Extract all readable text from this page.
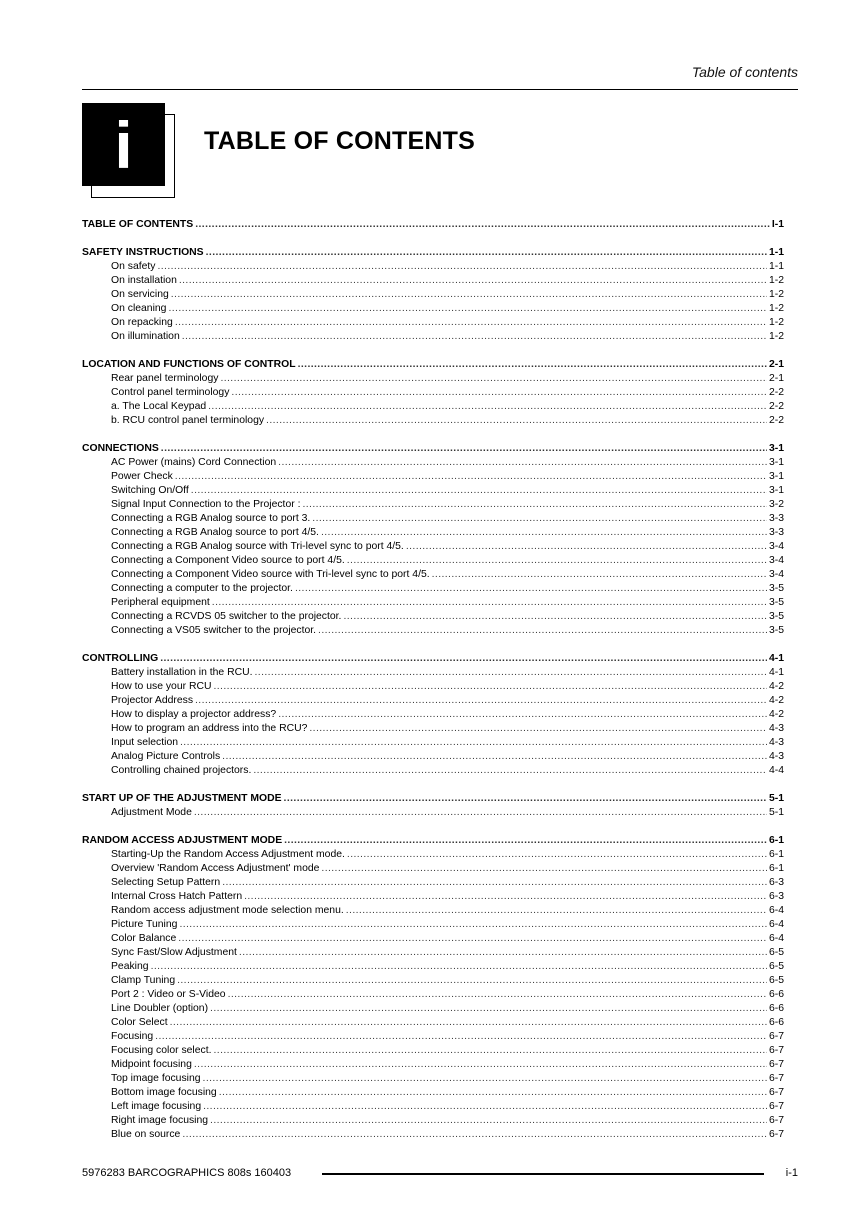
Table of contents
i	TABLE OF CONTENTS
TABLE OF CONTENTS .....	I-1
SAFETY INSTRUCTIONS .....	1-1
On safety .....	1-1
On installation .....	1-2
On servicing .....	1-2
On cleaning .....	1-2
On repacking .....	1-2
On illumination .....	1-2
LOCATION AND FUNCTIONS OF CONTROL .....	2-1
Rear panel terminology .....	2-1
Control panel terminology .....	2-2
a. The Local Keypad .....	2-2
b. RCU control panel terminology .....	2-2
CONNECTIONS .....	3-1
AC Power (mains) Cord Connection .....	3-1
Power Check .....	3-1
Switching On/Off .....	3-1
Signal Input Connection to the Projector : .....	3-2
Connecting a RGB Analog source to port 3. .....	3-3
Connecting a RGB Analog source to port 4/5. .....	3-3
Connecting a RGB Analog source with Tri-level sync to port 4/5. .....	3-4
Connecting a Component Video source to port 4/5. .....	3-4
Connecting a Component Video source with Tri-level sync to port 4/5. .....	3-4
Connecting a computer to the projector. .....	3-5
Peripheral equipment .....	3-5
Connecting a RCVDS 05 switcher to the projector. .....	3-5
Connecting a VS05 switcher to the projector. .....	3-5
CONTROLLING .....	4-1
Battery installation in the RCU. .....	4-1
How to use your RCU .....	4-2
Projector Address .....	4-2
How to display a projector address? .....	4-2
How to program an address into the RCU? .....	4-3
Input selection .....	4-3
Analog Picture Controls .....	4-3
Controlling chained projectors. .....	4-4
START UP OF THE ADJUSTMENT MODE .....	5-1
Adjustment Mode .....	5-1
RANDOM ACCESS ADJUSTMENT MODE .....	6-1
Starting-Up the Random Access Adjustment mode. .....	6-1
Overview 'Random Access Adjustment' mode .....	6-1
Selecting Setup Pattern .....	6-3
Internal Cross Hatch Pattern .....	6-3
Random access adjustment mode selection menu. .....	6-4
Picture Tuning .....	6-4
Color Balance .....	6-4
Sync Fast/Slow Adjustment .....	6-5
Peaking .....	6-5
Clamp Tuning .....	6-5
Port 2 : Video or S-Video .....	6-6
Line Doubler (option) .....	6-6
Color Select .....	6-6
Focusing .....	6-7
Focusing color select. .....	6-7
Midpoint focusing .....	6-7
Top image focusing .....	6-7
Bottom image focusing .....	6-7
Left image focusing .....	6-7
Right image focusing .....	6-7
Blue on source .....	6-7
5976283 BARCOGRAPHICS 808s 160403	i-1
